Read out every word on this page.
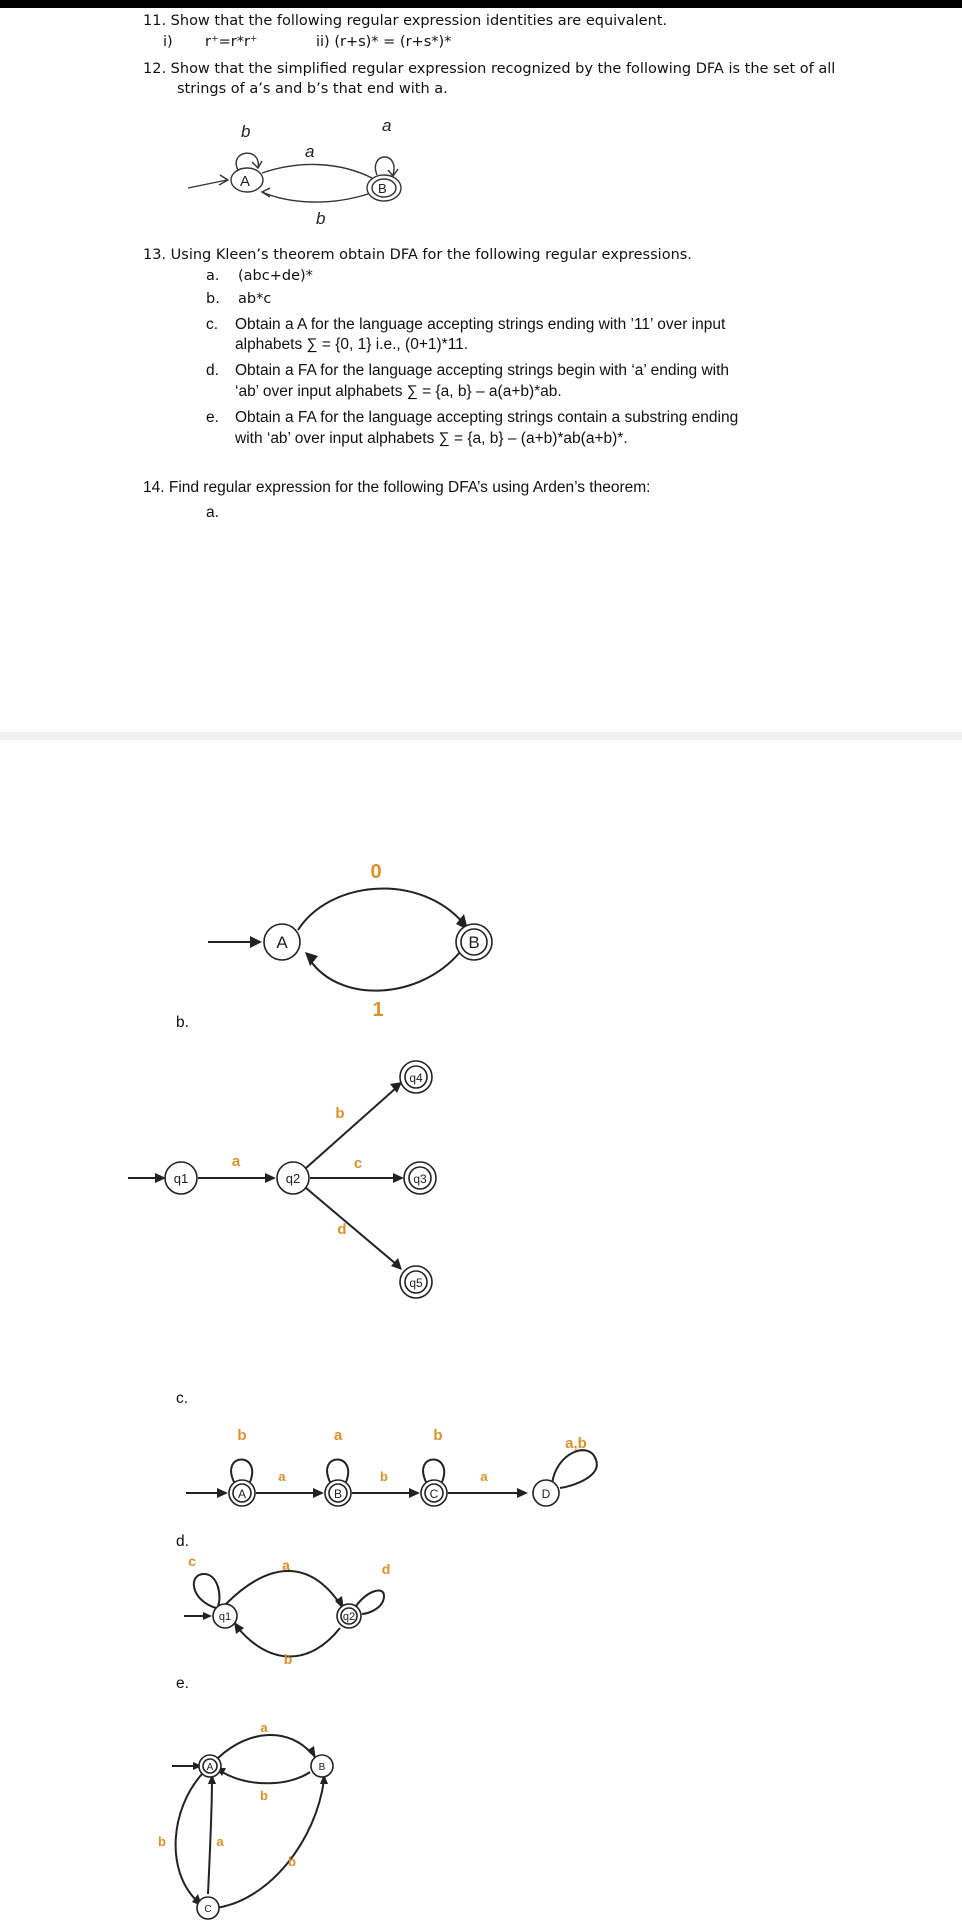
11. Show that the following regular expression identities are equivalent.
i) r⁺=r*r⁺	ii) (r+s)* = (r+s*)*
12. Show that the simplified regular expression recognized by the following DFA is the set of all
strings of a’s and b’s that end with a.
A
b
a
B
a
b
13. Using Kleen’s theorem obtain DFA for the following regular expressions.
a. (abc+de)*
b. ab*c
c. Obtain a A for the language accepting strings ending with ’11’ over input
alphabets ∑ = {0, 1} i.e., (0+1)*11.
d. Obtain a FA for the language accepting strings begin with ‘a’ ending with
‘ab’ over input alphabets ∑ = {a, b} – a(a+b)*ab.
e. Obtain a FA for the language accepting strings contain a substring ending
with ‘ab’ over input alphabets ∑ = {a, b} – (a+b)*ab(a+b)*.
14. Find regular expression for the following DFA’s using Arden’s theorem:
a.
A	B
0
1
b.
q1	q2
q4
q3
q5
a
b
c
d
c.
A	B	C	D
b
a
a
b
b
a
a,b
d.
q1	q2
c	a	d
b
e.
A	B
C
a
b
b	a
b
